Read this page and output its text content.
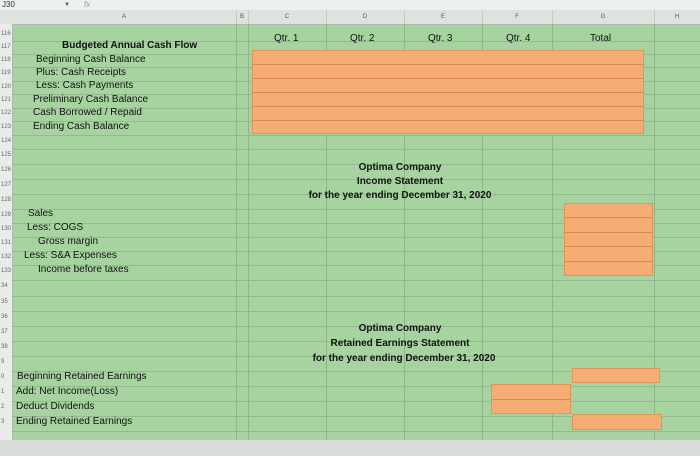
J30	▼ fx
A	B	C	D	E	F	G	H
116
117
118
119
120
121
122
123
124
125
126
127
128
129
130
131
132
133
34
35
36
37
38
9
0
1
2
3
Budgeted Annual Cash Flow
Qtr. 1	Qtr. 2	Qtr. 3	Qtr. 4	Total
Beginning Cash Balance
Plus: Cash Receipts
Less: Cash Payments
Preliminary Cash Balance
Cash Borrowed / Repaid
Ending Cash Balance
Optima Company
Income Statement
for the year ending December 31, 2020
Sales
Less: COGS
Gross margin
Less: S&A Expenses
Income before taxes
Optima Company
Retained Earnings Statement
for the year ending December 31, 2020
Beginning Retained Earnings
Add: Net Income(Loss)
Deduct Dividends
Ending Retained Earnings
